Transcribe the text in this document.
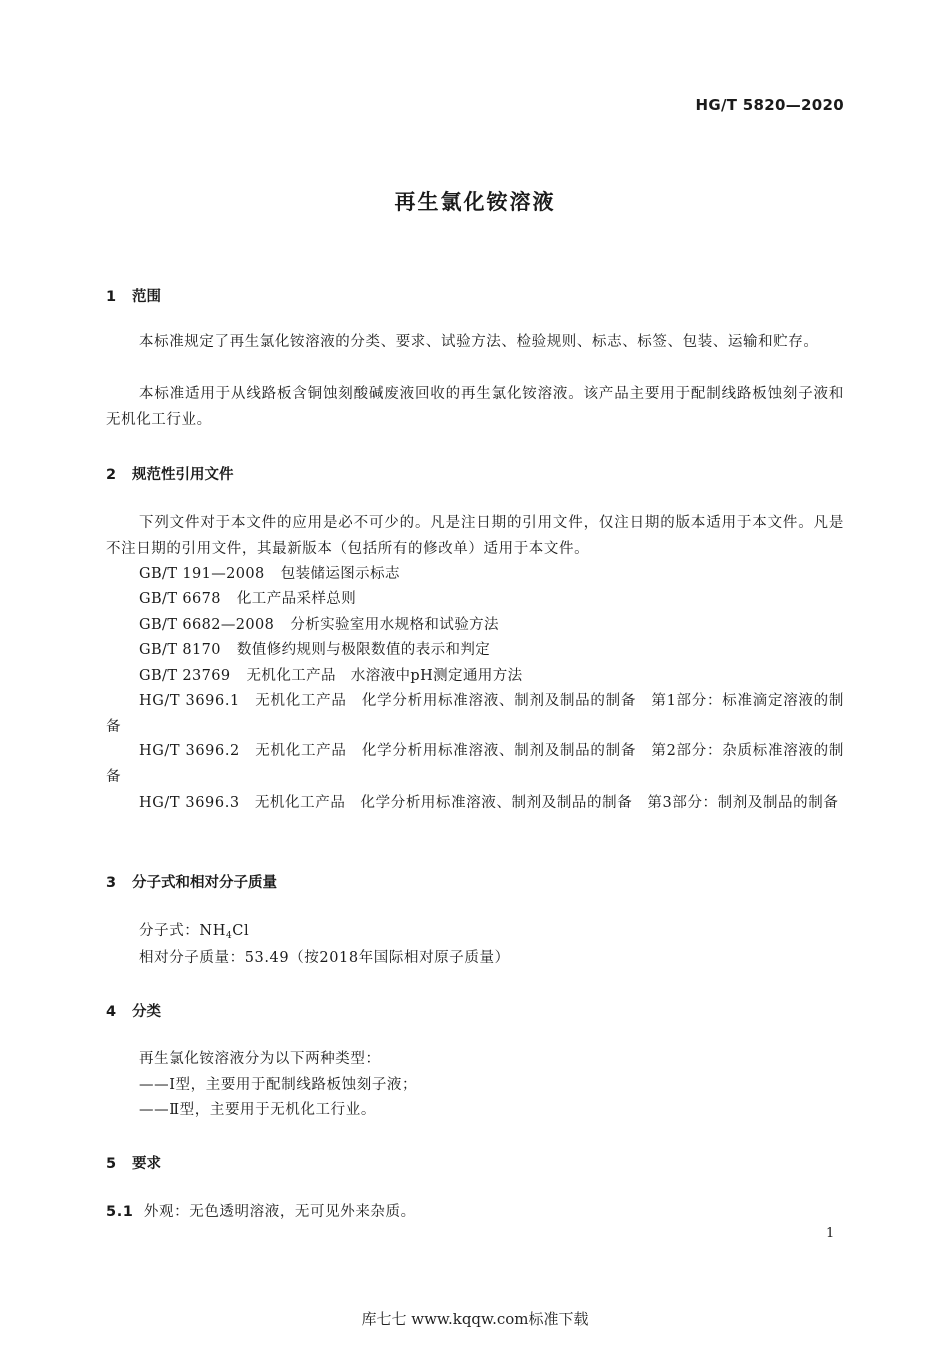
HG/T 5820—2020
再生氯化铵溶液
1 范围
本标准规定了再生氯化铵溶液的分类、要求、试验方法、检验规则、标志、标签、包装、运输和贮存。
本标准适用于从线路板含铜蚀刻酸碱废液回收的再生氯化铵溶液。该产品主要用于配制线路板蚀刻子液和无机化工行业。
2 规范性引用文件
下列文件对于本文件的应用是必不可少的。凡是注日期的引用文件，仅注日期的版本适用于本文件。凡是不注日期的引用文件，其最新版本（包括所有的修改单）适用于本文件。
GB/T 191—2008 包装储运图示标志
GB/T 6678 化工产品采样总则
GB/T 6682—2008 分析实验室用水规格和试验方法
GB/T 8170 数值修约规则与极限数值的表示和判定
GB/T 23769 无机化工产品　水溶液中pH测定通用方法
HG/T 3696.1　无机化工产品　化学分析用标准溶液、制剂及制品的制备　第1部分：标准滴定溶液的制备
HG/T 3696.2　无机化工产品　化学分析用标准溶液、制剂及制品的制备　第2部分：杂质标准溶液的制备
HG/T 3696.3　无机化工产品　化学分析用标准溶液、制剂及制品的制备　第3部分：制剂及制品的制备
3 分子式和相对分子质量
分子式：$NH_4Cl$
相对分子质量：53.49（按2018年国际相对原子质量）
4 分类
再生氯化铵溶液分为以下两种类型：
——Ⅰ型，主要用于配制线路板蚀刻子液；
——Ⅱ型，主要用于无机化工行业。
5 要求
5.1 外观：无色透明溶液，无可见外来杂质。
1
库七七 www.kqqw.com标准下载
